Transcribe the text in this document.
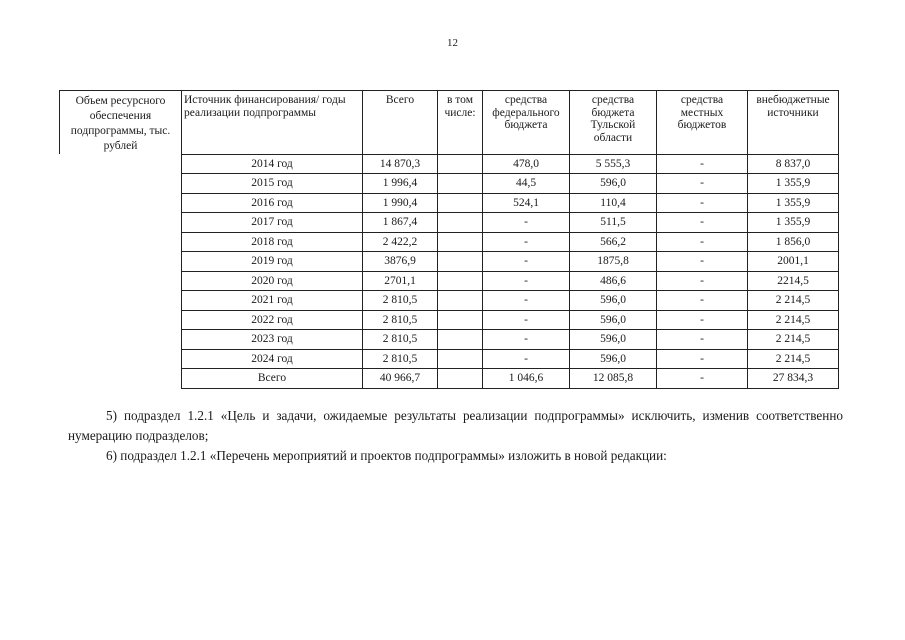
12
Объем ресурсного обеспечения подпрограммы, тыс. рублей	Источник финансирования/ годы реализации подпрограммы	Всего	в том числе:	средства федерального бюджета	средства бюджета Тульской области	средства местных бюджетов	внебюджетные источники
	2014 год	14 870,3		478,0	5 555,3	-	8 837,0
	2015 год	1 996,4		44,5	596,0	-	1 355,9
	2016 год	1 990,4		524,1	110,4	-	1 355,9
	2017 год	1 867,4		-	511,5	-	1 355,9
	2018 год	2 422,2		-	566,2	-	1 856,0
	2019 год	3876,9		-	1875,8	-	2001,1
	2020 год	2701,1		-	486,6	-	2214,5
	2021 год	2 810,5		-	596,0	-	2 214,5
	2022 год	2 810,5		-	596,0	-	2 214,5
	2023 год	2 810,5		-	596,0	-	2 214,5
	2024 год	2 810,5		-	596,0	-	2 214,5
	Всего	40 966,7		1 046,6	12 085,8	-	27 834,3
5) подраздел 1.2.1 «Цель и задачи, ожидаемые результаты реализации подпрограммы» исключить, изменив соответственно нумерацию подразделов;
6) подраздел 1.2.1 «Перечень мероприятий и проектов подпрограммы» изложить в новой редакции:
